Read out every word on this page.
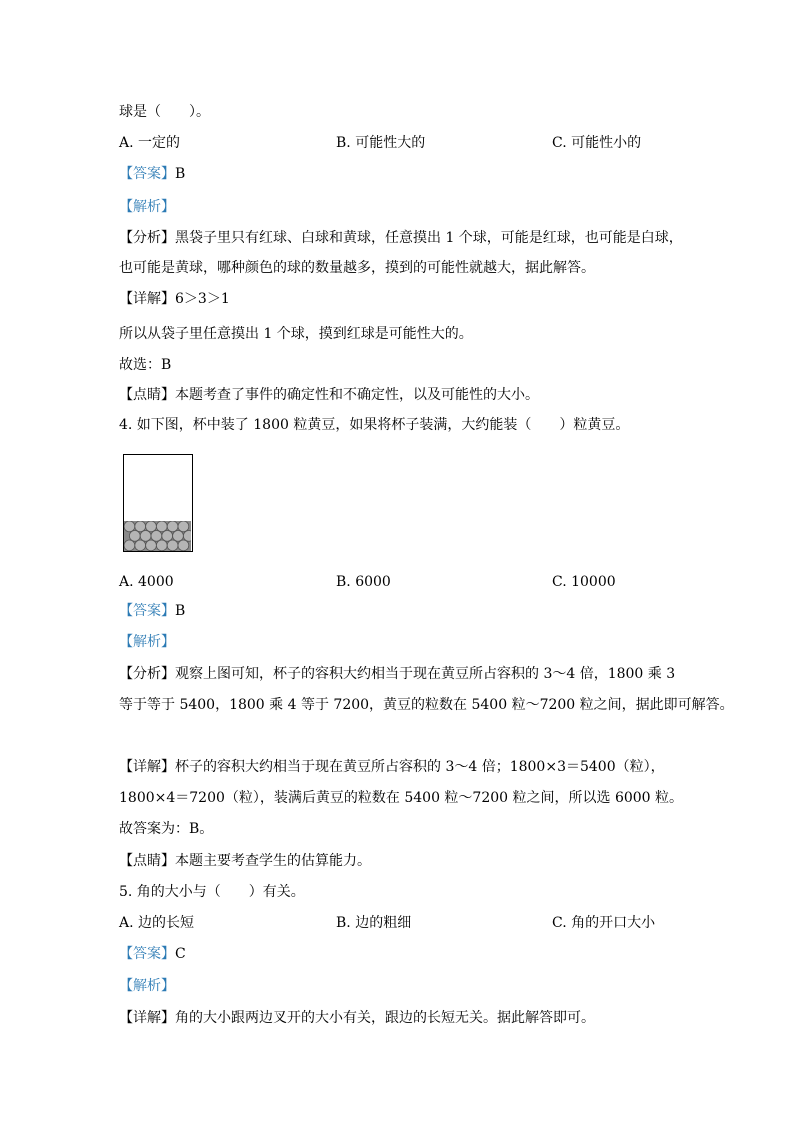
球是（　　）。
A. 一定的	B. 可能性大的	C. 可能性小的
【答案】B
【解析】
【分析】黑袋子里只有红球、白球和黄球，任意摸出 1 个球，可能是红球，也可能是白球，
也可能是黄球，哪种颜色的球的数量越多，摸到的可能性就越大，据此解答。
【详解】6＞3＞1
所以从袋子里任意摸出 1 个球，摸到红球是可能性大的。
故选：B
【点睛】本题考查了事件的确定性和不确定性，以及可能性的大小。
4. 如下图，杯中装了 1800 粒黄豆，如果将杯子装满，大约能装（　　）粒黄豆。
A. 4000	B. 6000	C. 10000
【答案】B
【解析】
【分析】观察上图可知，杯子的容积大约相当于现在黄豆所占容积的 3～4 倍，1800 乘 3
等于等于 5400，1800 乘 4 等于 7200，黄豆的粒数在 5400 粒～7200 粒之间，据此即可解答。
【详解】杯子的容积大约相当于现在黄豆所占容积的 3～4 倍；1800×3＝5400（粒），
1800×4＝7200（粒），装满后黄豆的粒数在 5400 粒～7200 粒之间，所以选 6000 粒。
故答案为：B。
【点睛】本题主要考查学生的估算能力。
5. 角的大小与（　　）有关。
A. 边的长短	B. 边的粗细	C. 角的开口大小
【答案】C
【解析】
【详解】角的大小跟两边叉开的大小有关，跟边的长短无关。据此解答即可。
